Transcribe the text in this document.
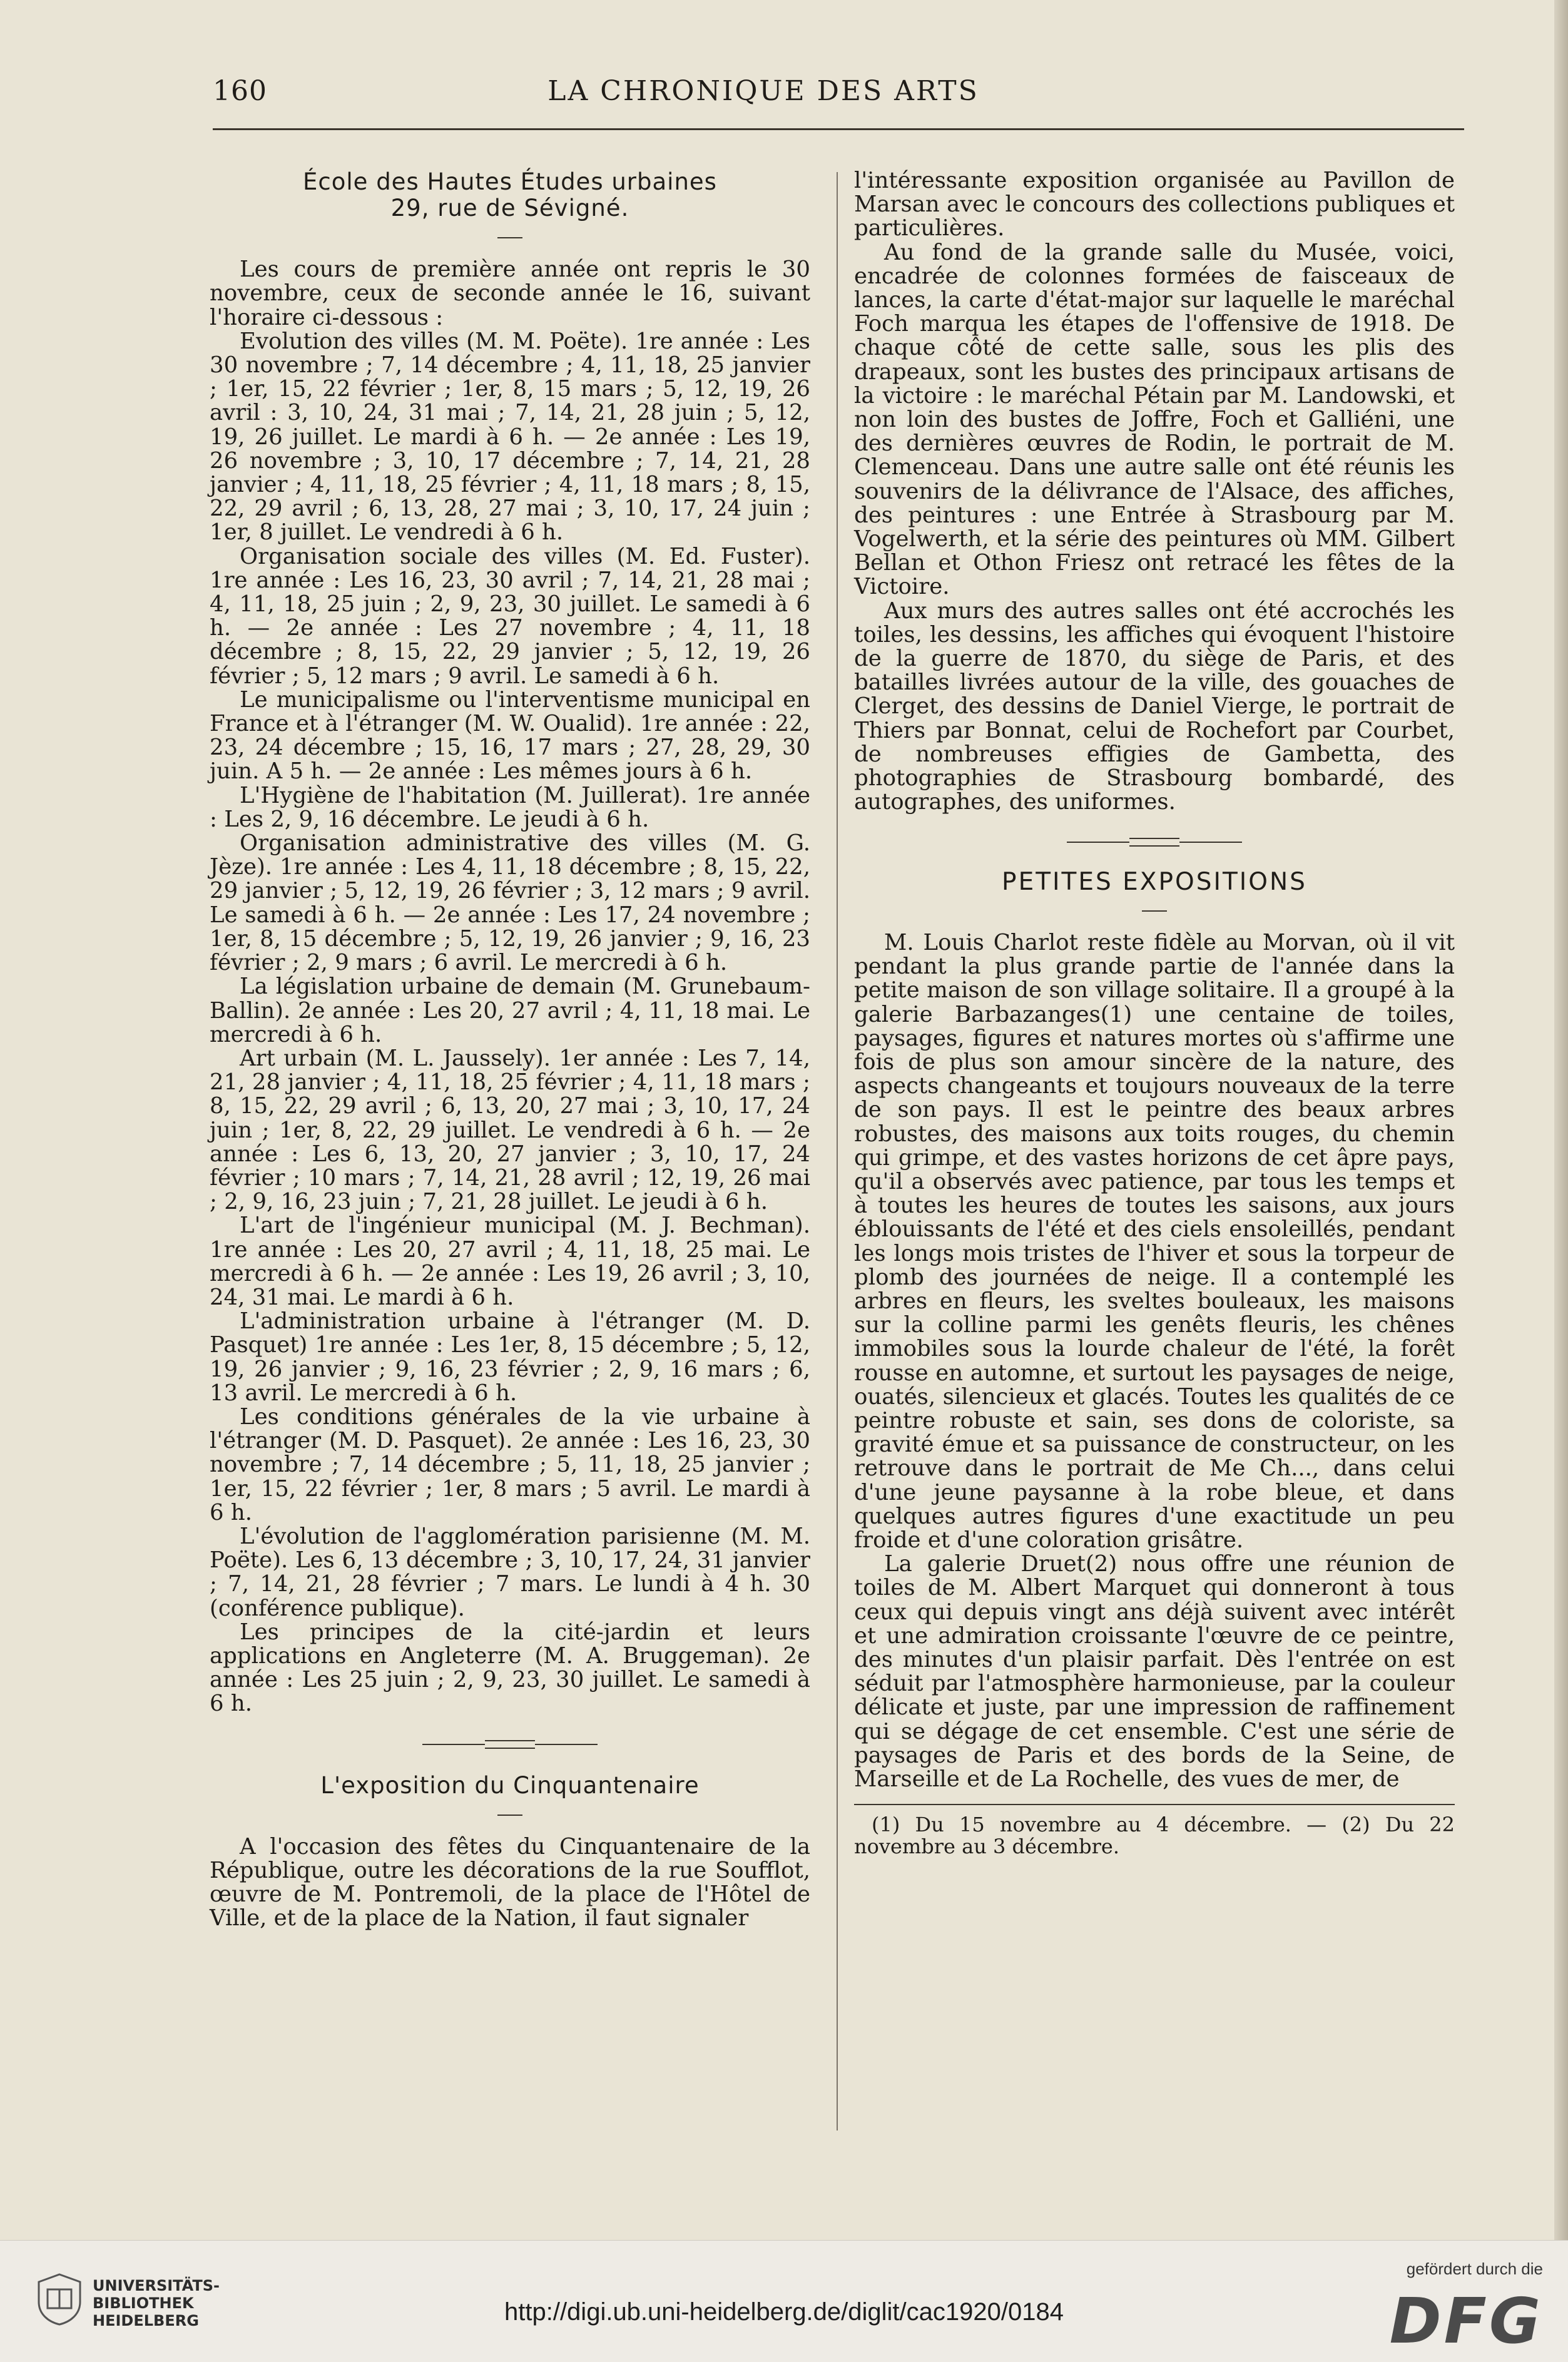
160	LA CHRONIQUE DES ARTS
École des Hautes Études urbaines
29, rue de Sévigné.

Les cours de première année ont repris le 30 novembre, ceux de seconde année le 16, suivant l'horaire ci-dessous :

Evolution des villes (M. M. Poëte). 1re année : Les 30 novembre ; 7, 14 décembre ; 4, 11, 18, 25 janvier ; 1er, 15, 22 février ; 1er, 8, 15 mars ; 5, 12, 19, 26 avril : 3, 10, 24, 31 mai ; 7, 14, 21, 28 juin ; 5, 12, 19, 26 juillet. Le mardi à 6 h. — 2e année : Les 19, 26 novembre ; 3, 10, 17 décembre ; 7, 14, 21, 28 janvier ; 4, 11, 18, 25 février ; 4, 11, 18 mars ; 8, 15, 22, 29 avril ; 6, 13, 28, 27 mai ; 3, 10, 17, 24 juin ; 1er, 8 juillet. Le vendredi à 6 h.

Organisation sociale des villes (M. Ed. Fuster). 1re année : Les 16, 23, 30 avril ; 7, 14, 21, 28 mai ; 4, 11, 18, 25 juin ; 2, 9, 23, 30 juillet. Le samedi à 6 h. — 2e année : Les 27 novembre ; 4, 11, 18 décembre ; 8, 15, 22, 29 janvier ; 5, 12, 19, 26 février ; 5, 12 mars ; 9 avril. Le samedi à 6 h.

Le municipalisme ou l'interventisme municipal en France et à l'étranger (M. W. Oualid). 1re année : 22, 23, 24 décembre ; 15, 16, 17 mars ; 27, 28, 29, 30 juin. A 5 h. — 2e année : Les mêmes jours à 6 h.

L'Hygiène de l'habitation (M. Juillerat). 1re année : Les 2, 9, 16 décembre. Le jeudi à 6 h.

Organisation administrative des villes (M. G. Jèze). 1re année : Les 4, 11, 18 décembre ; 8, 15, 22, 29 janvier ; 5, 12, 19, 26 février ; 3, 12 mars ; 9 avril. Le samedi à 6 h. — 2e année : Les 17, 24 novembre ; 1er, 8, 15 décembre ; 5, 12, 19, 26 janvier ; 9, 16, 23 février ; 2, 9 mars ; 6 avril. Le mercredi à 6 h.

La législation urbaine de demain (M. Grunebaum-Ballin). 2e année : Les 20, 27 avril ; 4, 11, 18 mai. Le mercredi à 6 h.

Art urbain (M. L. Jaussely). 1er année : Les 7, 14, 21, 28 janvier ; 4, 11, 18, 25 février ; 4, 11, 18 mars ; 8, 15, 22, 29 avril ; 6, 13, 20, 27 mai ; 3, 10, 17, 24 juin ; 1er, 8, 22, 29 juillet. Le vendredi à 6 h. — 2e année : Les 6, 13, 20, 27 janvier ; 3, 10, 17, 24 février ; 10 mars ; 7, 14, 21, 28 avril ; 12, 19, 26 mai ; 2, 9, 16, 23 juin ; 7, 21, 28 juillet. Le jeudi à 6 h.

L'art de l'ingénieur municipal (M. J. Bechman). 1re année : Les 20, 27 avril ; 4, 11, 18, 25 mai. Le mercredi à 6 h. — 2e année : Les 19, 26 avril ; 3, 10, 24, 31 mai. Le mardi à 6 h.

L'administration urbaine à l'étranger (M. D. Pasquet) 1re année : Les 1er, 8, 15 décembre ; 5, 12, 19, 26 janvier ; 9, 16, 23 février ; 2, 9, 16 mars ; 6, 13 avril. Le mercredi à 6 h.

Les conditions générales de la vie urbaine à l'étranger (M. D. Pasquet). 2e année : Les 16, 23, 30 novembre ; 7, 14 décembre ; 5, 11, 18, 25 janvier ; 1er, 15, 22 février ; 1er, 8 mars ; 5 avril. Le mardi à 6 h.

L'évolution de l'agglomération parisienne (M. M. Poëte). Les 6, 13 décembre ; 3, 10, 17, 24, 31 janvier ; 7, 14, 21, 28 février ; 7 mars. Le lundi à 4 h. 30 (conférence publique).

Les principes de la cité-jardin et leurs applications en Angleterre (M. A. Bruggeman). 2e année : Les 25 juin ; 2, 9, 23, 30 juillet. Le samedi à 6 h.

L'exposition du Cinquantenaire

A l'occasion des fêtes du Cinquantenaire de la République, outre les décorations de la rue Soufflot, œuvre de M. Pontremoli, de la place de l'Hôtel de Ville, et de la place de la Nation, il faut signaler

l'intéressante exposition organisée au Pavillon de Marsan avec le concours des collections publiques et particulières.

Au fond de la grande salle du Musée, voici, encadrée de colonnes formées de faisceaux de lances, la carte d'état-major sur laquelle le maréchal Foch marqua les étapes de l'offensive de 1918. De chaque côté de cette salle, sous les plis des drapeaux, sont les bustes des principaux artisans de la victoire : le maréchal Pétain par M. Landowski, et non loin des bustes de Joffre, Foch et Galliéni, une des dernières œuvres de Rodin, le portrait de M. Clemenceau. Dans une autre salle ont été réunis les souvenirs de la délivrance de l'Alsace, des affiches, des peintures : une Entrée à Strasbourg par M. Vogelwerth, et la série des peintures où MM. Gilbert Bellan et Othon Friesz ont retracé les fêtes de la Victoire.

Aux murs des autres salles ont été accrochés les toiles, les dessins, les affiches qui évoquent l'histoire de la guerre de 1870, du siège de Paris, et des batailles livrées autour de la ville, des gouaches de Clerget, des dessins de Daniel Vierge, le portrait de Thiers par Bonnat, celui de Rochefort par Courbet, de nombreuses effigies de Gambetta, des photographies de Strasbourg bombardé, des autographes, des uniformes.

PETITES EXPOSITIONS

M. Louis Charlot reste fidèle au Morvan, où il vit pendant la plus grande partie de l'année dans la petite maison de son village solitaire. Il a groupé à la galerie Barbazanges(1) une centaine de toiles, paysages, figures et natures mortes où s'affirme une fois de plus son amour sincère de la nature, des aspects changeants et toujours nouveaux de la terre de son pays. Il est le peintre des beaux arbres robustes, des maisons aux toits rouges, du chemin qui grimpe, et des vastes horizons de cet âpre pays, qu'il a observés avec patience, par tous les temps et à toutes les heures de toutes les saisons, aux jours éblouissants de l'été et des ciels ensoleillés, pendant les longs mois tristes de l'hiver et sous la torpeur de plomb des journées de neige. Il a contemplé les arbres en fleurs, les sveltes bouleaux, les maisons sur la colline parmi les genêts fleuris, les chênes immobiles sous la lourde chaleur de l'été, la forêt rousse en automne, et surtout les paysages de neige, ouatés, silencieux et glacés. Toutes les qualités de ce peintre robuste et sain, ses dons de coloriste, sa gravité émue et sa puissance de constructeur, on les retrouve dans le portrait de Me Ch..., dans celui d'une jeune paysanne à la robe bleue, et dans quelques autres figures d'une exactitude un peu froide et d'une coloration grisâtre.

La galerie Druet(2) nous offre une réunion de toiles de M. Albert Marquet qui donneront à tous ceux qui depuis vingt ans déjà suivent avec intérêt et une admiration croissante l'œuvre de ce peintre, des minutes d'un plaisir parfait. Dès l'entrée on est séduit par l'atmosphère harmonieuse, par la couleur délicate et juste, par une impression de raffinement qui se dégage de cet ensemble. C'est une série de paysages de Paris et des bords de la Seine, de Marseille et de La Rochelle, des vues de mer, de

(1) Du 15 novembre au 4 décembre. — (2) Du 22 novembre au 3 décembre.

UNIVERSITÄTS-
BIBLIOTHEK
HEIDELBERG	http://digi.ub.uni-heidelberg.de/diglit/cac1920/0184
gefördert durch die
DFG
